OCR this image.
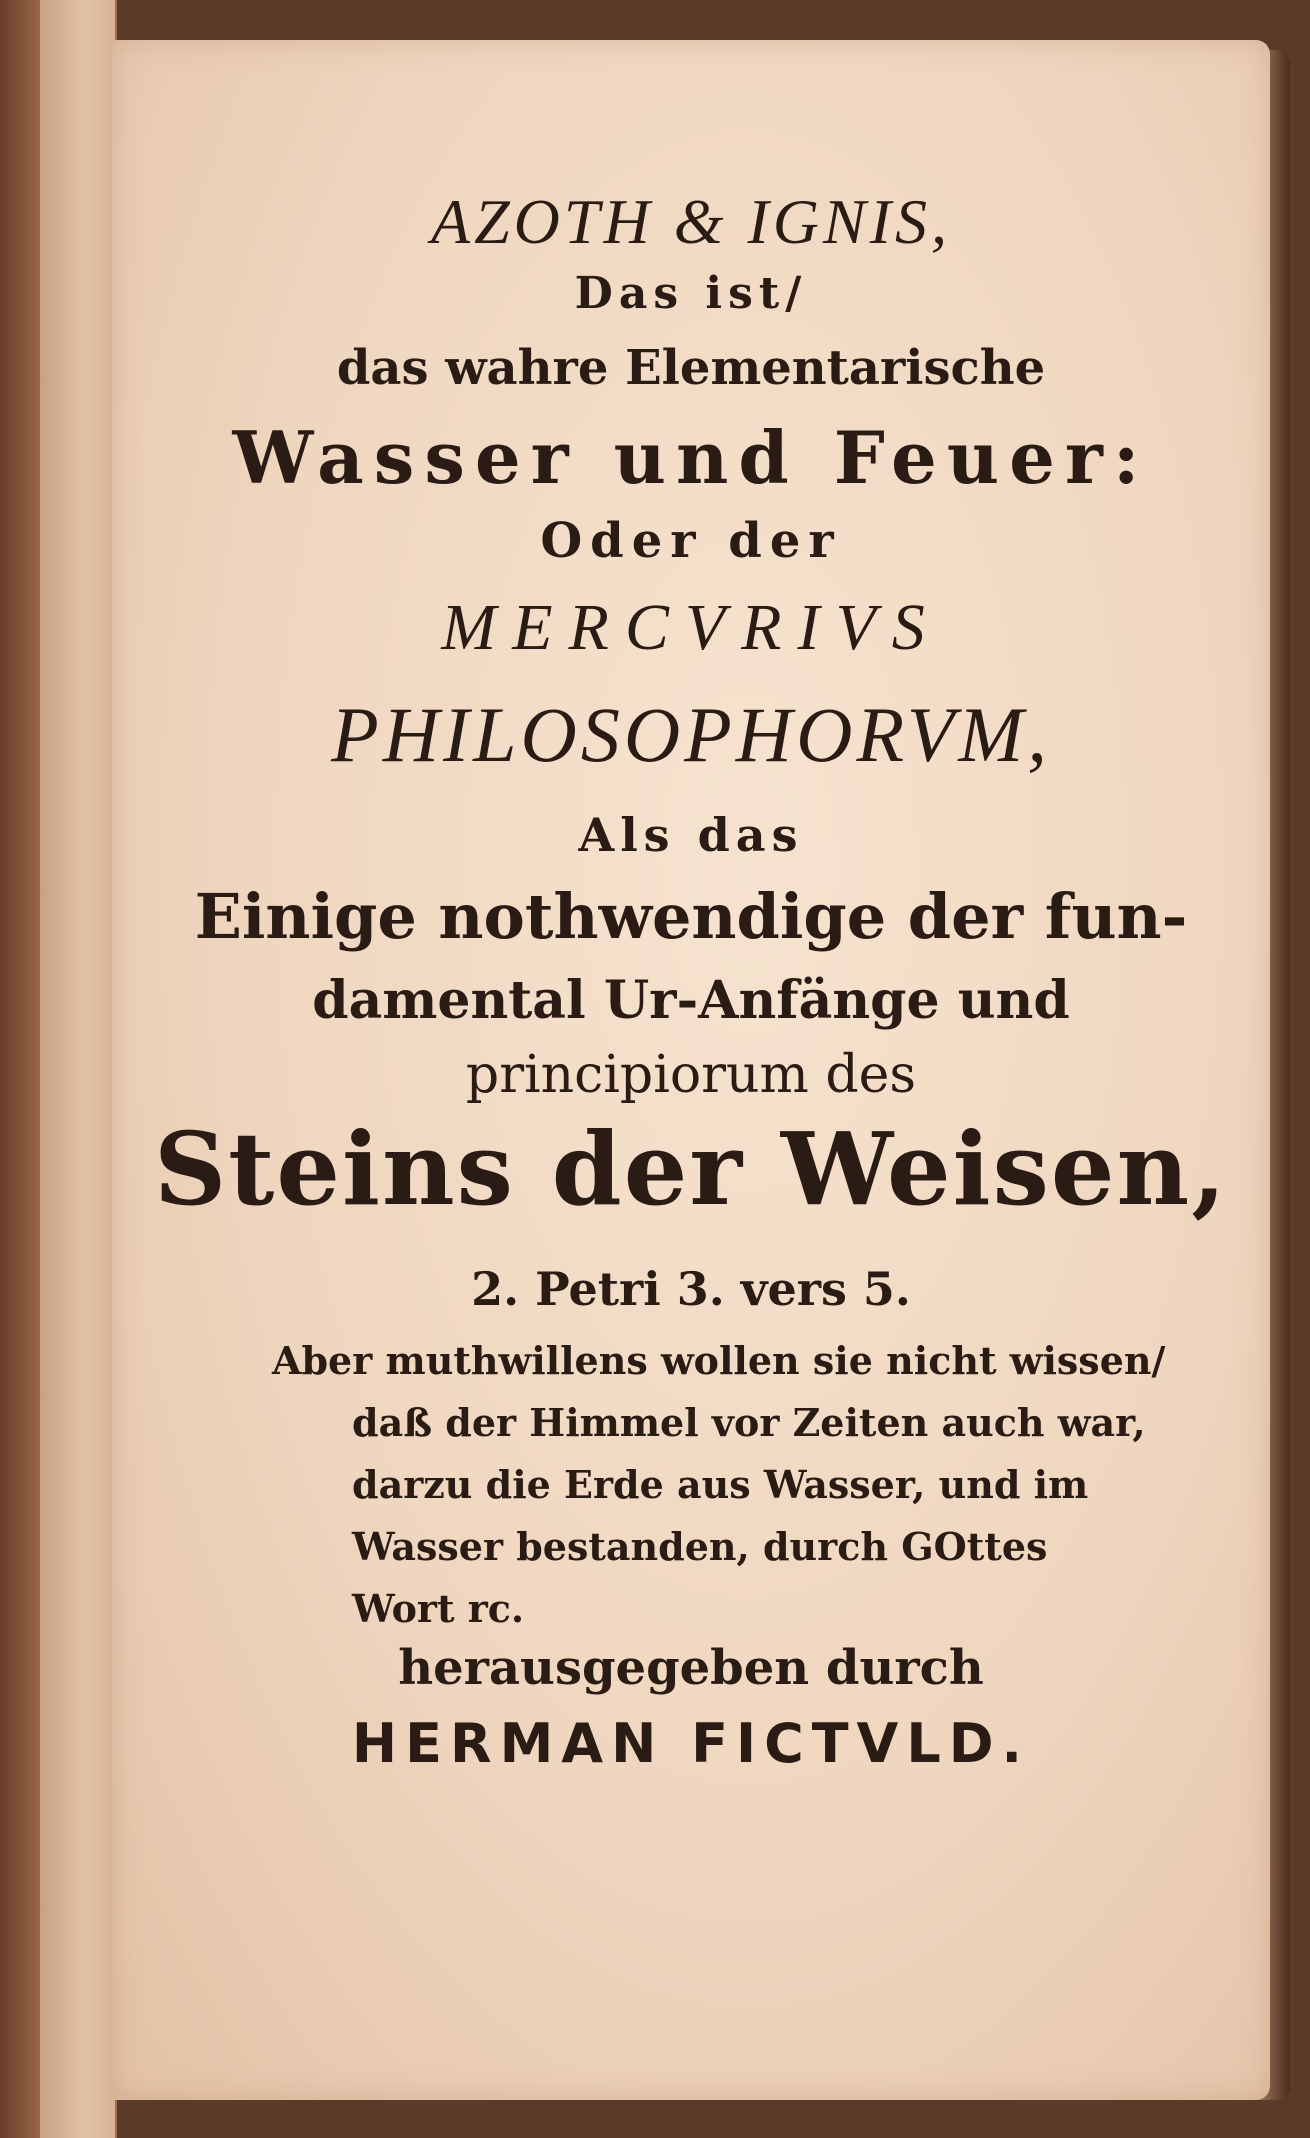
AZOTH & IGNIS,
Das ist/
das wahre Elementarische
Wasser und Feuer:
Oder der
MERCVRIVS
PHILOSOPHORVM,
Als das
Einige nothwendige der fun-
damental Ur-Anfänge und
principiorum des
Steins der Weisen,
2. Petri 3. vers 5.
Aber muthwillens wollen sie nicht wissen/
daß der Himmel vor Zeiten auch war,
darzu die Erde aus Wasser, und im
Wasser bestanden, durch GOttes
Wort rc.
herausgegeben durch
HERMAN FICTVLD.
